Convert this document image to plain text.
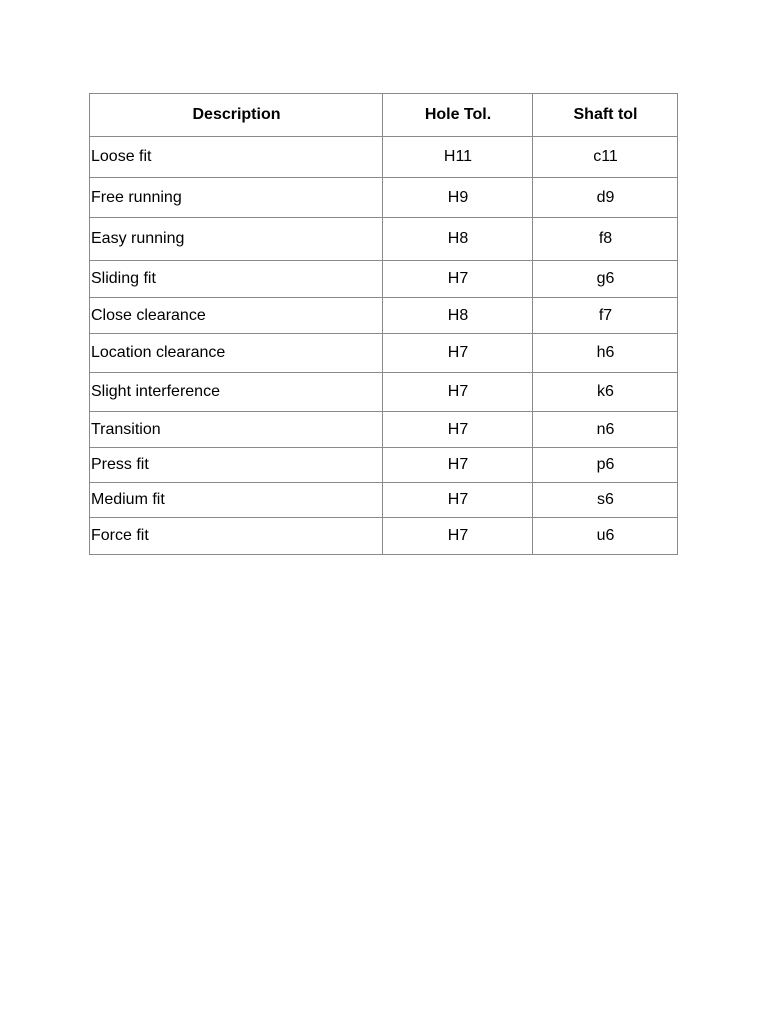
Description	Hole Tol.	Shaft tol
Loose fit	H11	c11
Free running	H9	d9
Easy running	H8	f8
Sliding fit	H7	g6
Close clearance	H8	f7
Location clearance	H7	h6
Slight interference	H7	k6
Transition	H7	n6
Press fit	H7	p6
Medium fit	H7	s6
Force fit	H7	u6
